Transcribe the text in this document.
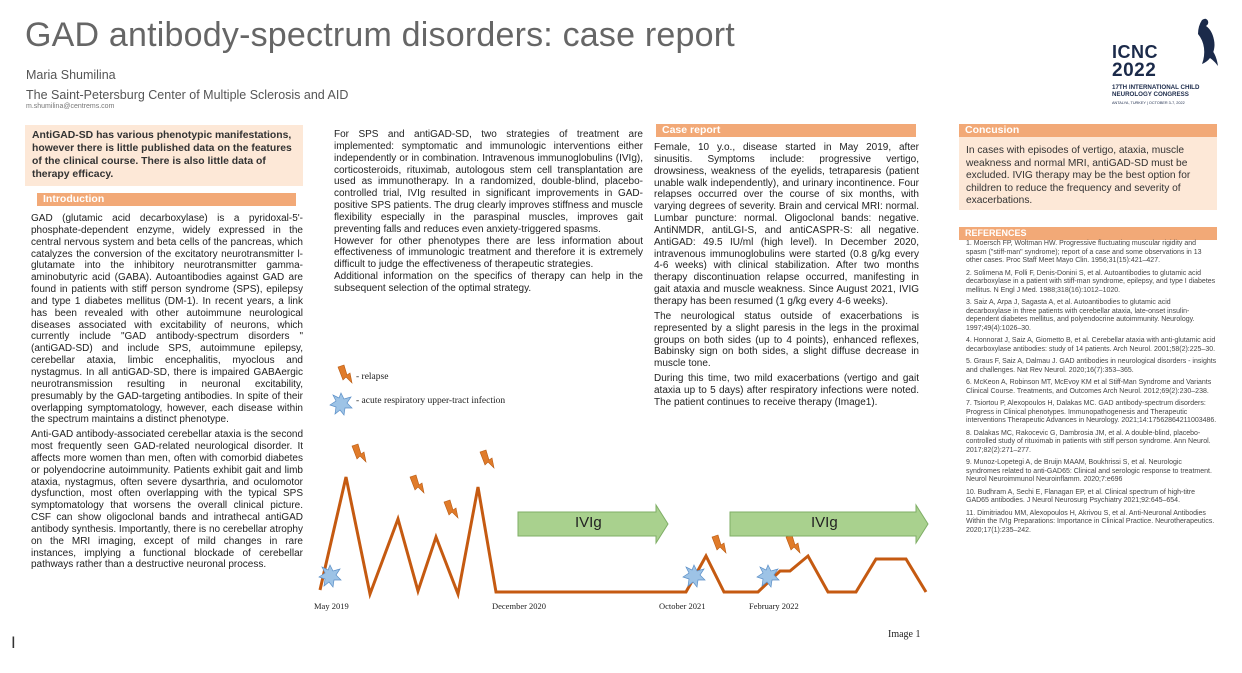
GAD antibody-spectrum disorders: case report
Maria Shumilina
The Saint-Petersburg Center of Multiple Sclerosis and AID
m.shumilina@centrems.com
ICNC
2022
17TH INTERNATIONAL CHILD NEUROLOGY CONGRESS
ANTALYA, TURKEY | OCTOBER 3-7, 2022
AntiGAD-SD has various phenotypic manifestations, however there is little published data on the features of the clinical course. There is also little data of therapy efficacy.
Introduction

GAD (glutamic acid decarboxylase) is a pyridoxal-5'-phosphate-dependent enzyme, widely expressed in the central nervous system and beta cells of the pancreas, which catalyzes the conversion of the excitatory neurotransmitter l-glutamate into the inhibitory neurotransmitter gamma-aminobutyric acid (GABA). Autoantibodies against GAD are found in patients with stiff person syndrome (SPS), epilepsy and type 1 diabetes mellitus (DM-1). In recent years, a link has been revealed with other autoimmune neurological diseases associated with excitability of neurons, which currently include "GAD antibody-spectrum disorders " (antiGAD-SD) and include SPS, autoimmune epilepsy, cerebellar ataxia, limbic encephalitis, myoclous and nystagmus. In all antiGAD-SD, there is impaired GABAergic neurotransmission resulting in neuronal excitability, presumably by the GAD-targeting antibodies. In spite of their overlapping symptomatology, however, each disease within the spectrum maintains a distinct phenotype.

Anti-GAD antibody-associated cerebellar ataxia is the second most frequently seen GAD-related neurological disorder. It affects more women than men, often with comorbid diabetes or polyendocrine autoimmunity. Patients exhibit gait and limb ataxia, nystagmus, often severe dysarthria, and oculomotor dysfunction, most often overlapping with the typical SPS symptomatology that worsens the overall clinical picture. CSF can show oligoclonal bands and intrathecal antiGAD antibody synthesis. Importantly, there is no cerebellar atrophy on the MRI imaging, except of mild changes in rare instances, implying a functional blockade of cerebellar pathways rather than a destructive neuronal process.

For SPS and antiGAD-SD, two strategies of treatment are implemented: symptomatic and immunologic interventions either independently or in combination. Intravenous immunoglobulins (IVIg), corticosteroids, rituximab, autologous stem cell transplantation are used as immunotherapy. In a randomized, double-blind, placebo-controlled trial, IVIg resulted in significant improvements in GAD-positive SPS patients. The drug clearly improves stiffness and muscle flexibility especially in the paraspinal muscles, improves gait preventing falls and reduces even anxiety-triggered spasms.

However for other phenotypes there are less information about effectiveness of immunologic treatment and therefore it is extremely difficult to judge the effectiveness of therapeutic strategies.

Additional information on the specifics of therapy can help in the subsequent selection of the optimal strategy.

Case report

Female, 10 y.o., disease started in May 2019, after sinusitis. Symptoms include: progressive vertigo, drowsiness, weakness of the eyelids, tetraparesis (patient unable walk independently), and urinary incontinence. Four relapses occurred over the course of six months, with varying degrees of severity. Brain and cervical MRI: normal. Lumbar puncture: normal. Oligoclonal bands: negative. AntiNMDR, antiLGI-S, and antiCASPR-S: all negative. AntiGAD: 49.5 IU/ml (high level). In December 2020, intravenous immunoglobulins were started (0.8 g/kg every 4-6 weeks) with clinical stabilization. After two months therapy discontinuation relapse occurred, manifesting in gait ataxia and muscle weakness. Since August 2021, IVIG therapy has been resumed (1 g/kg every 4-6 weeks).

The neurological status outside of exacerbations is represented by a slight paresis in the legs in the proximal groups on both sides (up to 4 points), enhanced reflexes, Babinsky sign on both sides, a slight diffuse decrease in muscle tone.

During this time, two mild exacerbations (vertigo and gait ataxia up to 5 days) after respiratory infections were noted. The patient continues to receive therapy (Image1).

Concusion
In cases with episodes of vertigo, ataxia, muscle weakness and normal MRI, antiGAD-SD must be excluded. IVIG therapy may be the best option for children to reduce the frequency and severity of exacerbations.
REFERENCES
1. Moersch FP, Woltman HW. Progressive fluctuating muscular rigidity and spasm ("stiff-man" syndrome); report of a case and some observations in 13 other cases. Proc Staff Meet Mayo Clin. 1956;31(15):421–427.
2. Solimena M, Folli F, Denis-Donini S, et al. Autoantibodies to glutamic acid decarboxylase in a patient with stiff-man syndrome, epilepsy, and type I diabetes mellitus. N Engl J Med. 1988;318(16):1012–1020.
3. Saiz A, Arpa J, Sagasta A, et al. Autoantibodies to glutamic acid decarboxylase in three patients with cerebellar ataxia, late-onset insulin-dependent diabetes mellitus, and polyendocrine autoimmunity. Neurology. 1997;49(4):1026–30.
4. Honnorat J, Saiz A, Giometto B, et al. Cerebellar ataxia with anti-glutamic acid decarboxylase antibodies: study of 14 patients. Arch Neurol. 2001;58(2):225–30.
5. Graus F, Saiz A, Dalmau J. GAD antibodies in neurological disorders - insights and challenges. Nat Rev Neurol. 2020;16(7):353–365.
6. McKeon A, Robinson MT, McEvoy KM et al Stiff-Man Syndrome and Variants Clinical Course. Treatments, and Outcomes Arch Neurol. 2012;69(2):230–238.
7. Tsiortou P, Alexopoulos H, Dalakas MC. GAD antibody-spectrum disorders: Progress in Clinical phenotypes. Immunopathogenesis and Therapeutic interventions Therapeutic Advances in Neurology. 2021;14:17562864211003486.
8. Dalakas MC, Rakocevic G, Dambrosia JM, et al. A double-blind, placebo-controlled study of rituximab in patients with stiff person syndrome. Ann Neurol. 2017;82(2):271–277.
9. Munoz-Lopetegi A, de Bruijn MAAM, Boukhrissi S, et al. Neurologic syndromes related to anti-GAD65: Clinical and serologic response to treatment. Neurol Neuroimmunol Neuroinflamm. 2020;7:e696
10. Budhram A, Sechi E, Flanagan EP, et al. Clinical spectrum of high-titre GAD65 antibodies. J Neurol Neurosurg Psychiatry 2021;92:645–654.
11. Dimitriadou MM, Alexopoulos H, Akrivou S, et al. Anti-Neuronal Antibodies Within the IVIg Preparations: Importance in Clinical Practice. Neurotherapeutics. 2020;17(1):235–242.
- relapse
- acute respiratory upper-tract infection
IVIg	IVIg
May 2019	December 2020	October 2021	February 2022
Image 1
I
